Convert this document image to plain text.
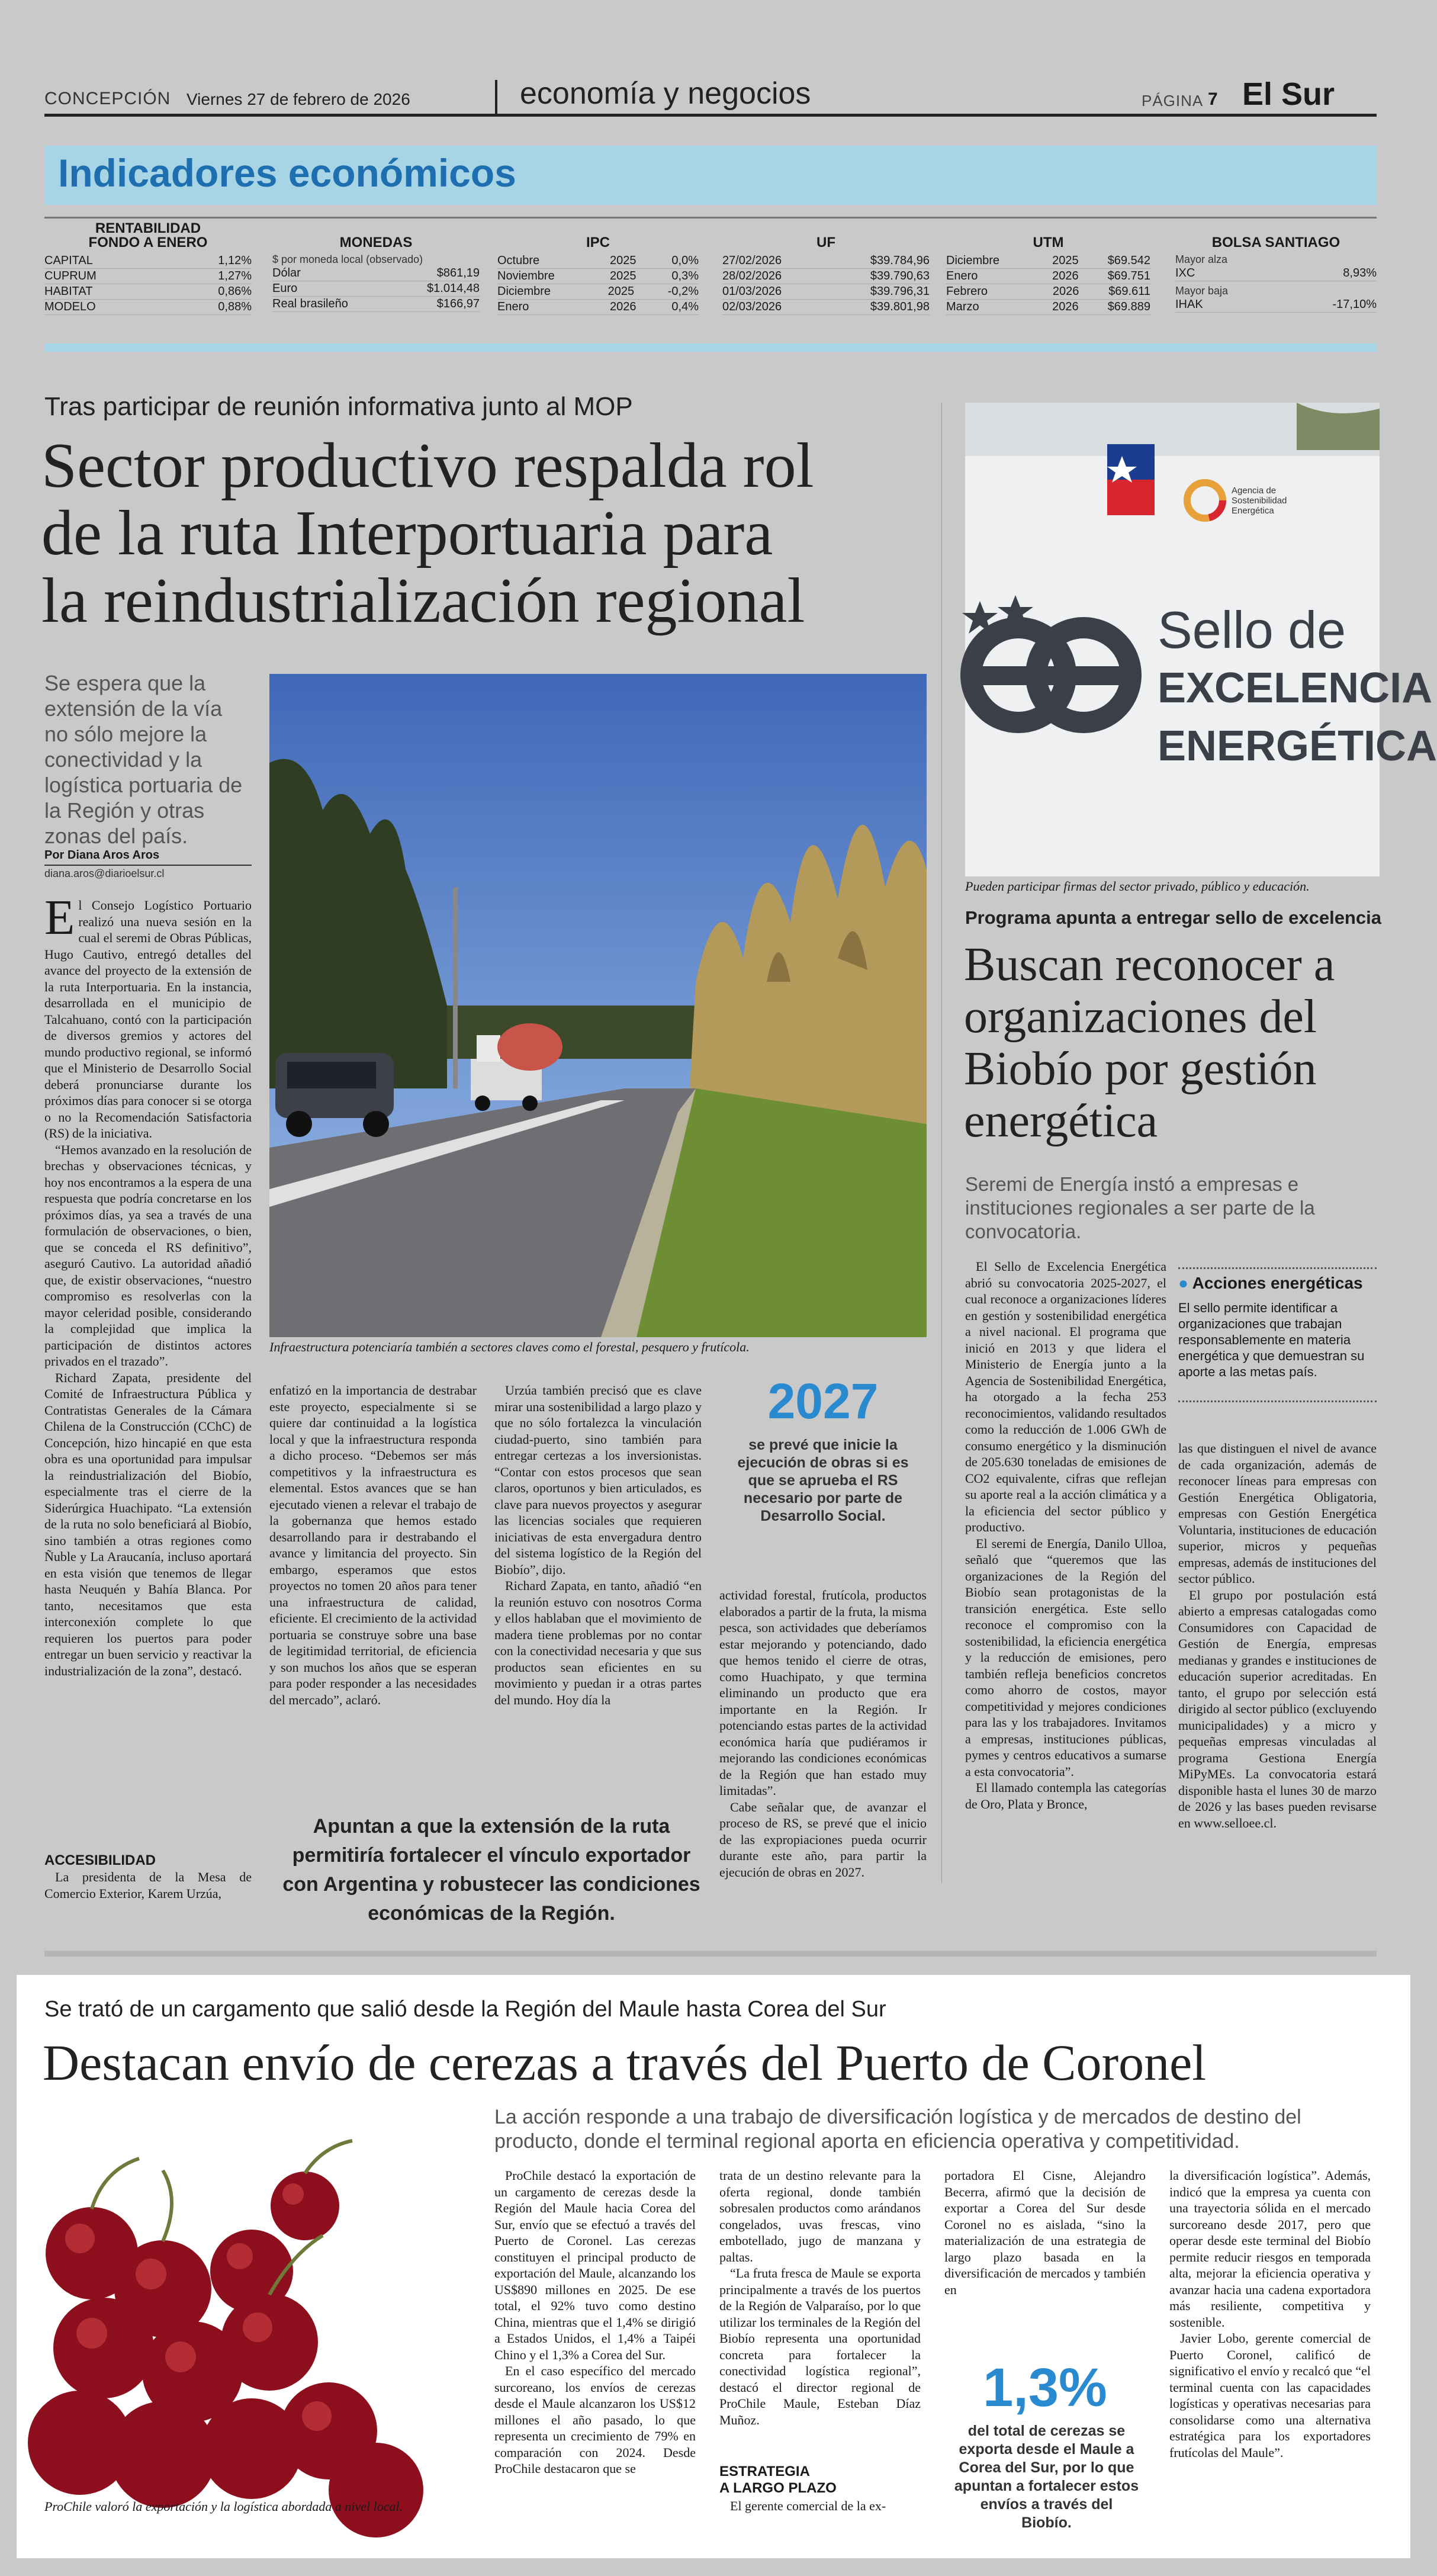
CONCEPCIÓN Viernes 27 de febrero de 2026	economía y negocios	PÁGINA 7 El Sur
Indicadores económicos
RENTABILIDAD FONDO A ENERO
CAPITAL	1,12%
CUPRUM	1,27%
HABITAT	0,86%
MODELO	0,88%
MONEDAS
$ por moneda local (observado)
Dólar	$861,19
Euro	$1.014,48
Real brasileño	$166,97
IPC
Octubre	2025	0,0%
Noviembre	2025	0,3%
Diciembre	2025	-0,2%
Enero	2026	0,4%
UF
27/02/2026	$39.784,96
28/02/2026	$39.790,63
01/03/2026	$39.796,31
02/03/2026	$39.801,98
UTM
Diciembre	2025 $69.542
Enero	2026 $69.751
Febrero	2026 $69.611
Marzo	2026 $69.889
BOLSA SANTIAGO
Mayor alza
IXC	8,93%
Mayor baja
IHAK	-17,10%
Tras participar de reunión informativa junto al MOP
Sector productivo respalda rol
de la ruta Interportuaria para
la reindustrialización regional
Se espera que la extensión de la vía no sólo mejore la conectividad y la logística portuaria de la Región y otras zonas del país.
Por Diana Aros Aros
diana.aros@diarioelsur.cl
Infraestructura potenciaría también a sectores claves como el forestal, pesquero y frutícola.

El Consejo Logístico Portuario realizó una nueva sesión en la cual el seremi de Obras Públicas, Hugo Cautivo, entregó detalles del avance del proyecto de la extensión de la ruta Interportuaria. En la instancia, desarrollada en el municipio de Talcahuano, contó con la participación de diversos gremios y actores del mundo productivo regional, se informó que el Ministerio de Desarrollo Social deberá pronunciarse durante los próximos días para conocer si se otorga o no la Recomendación Satisfactoria (RS) de la iniciativa.

“Hemos avanzado en la resolución de brechas y observaciones técnicas, y hoy nos encontramos a la espera de una respuesta que podría concretarse en los próximos días, ya sea a través de una formulación de observaciones, o bien, que se conceda el RS definitivo”, aseguró Cautivo. La autoridad añadió que, de existir observaciones, “nuestro compromiso es resolverlas con la mayor celeridad posible, considerando la complejidad que implica la participación de distintos actores privados en el trazado”.

Richard Zapata, presidente del Comité de Infraestructura Pública y Contratistas Generales de la Cámara Chilena de la Construcción (CChC) de Concepción, hizo hincapié en que esta obra es una oportunidad para impulsar la reindustrialización del Biobío, especialmente tras el cierre de la Siderúrgica Huachipato. “La extensión de la ruta no solo beneficiará al Biobío, sino también a otras regiones como Ñuble y La Araucanía, incluso aportará en esta visión que tenemos de llegar hasta Neuquén y Bahía Blanca. Por tanto, necesitamos que esta interconexión complete lo que requieren los puertos para poder entregar un buen servicio y reactivar la industrialización de la zona”, destacó.

ACCESIBILIDAD

La presidenta de la Mesa de Comercio Exterior, Karem Urzúa,

enfatizó en la importancia de destrabar este proyecto, especialmente si se quiere dar continuidad a la logística local y que la infraestructura responda a dicho proceso. “Debemos ser más competitivos y la infraestructura es elemental. Estos avances que se han ejecutado vienen a relevar el trabajo de la gobernanza que hemos estado desarrollando para ir destrabando el avance y limitancia del proyecto. Sin embargo, esperamos que estos proyectos no tomen 20 años para tener una infraestructura de calidad, eficiente. El crecimiento de la actividad portuaria se construye sobre una base de legitimidad territorial, de eficiencia y son muchos los años que se esperan para poder responder a las necesidades del mercado”, aclaró.

Urzúa también precisó que es clave mirar una sostenibilidad a largo plazo y que no sólo fortalezca la vinculación ciudad-puerto, sino también para entregar certezas a los inversionistas. “Contar con estos procesos que sean claros, oportunos y bien articulados, es clave para nuevos proyectos y asegurar las licencias sociales que requieren iniciativas de esta envergadura dentro del sistema logístico de la Región del Biobío”, dijo.

Richard Zapata, en tanto, añadió “en la reunión estuvo con nosotros Corma y ellos hablaban que el movimiento de madera tiene problemas por no contar con la conectividad necesaria y que sus productos sean eficientes en su movimiento y puedan ir a otras partes del mundo. Hoy día la

2027
se prevé que inicie la ejecución de obras si es que se aprueba el RS necesario por parte de Desarrollo Social.

actividad forestal, frutícola, productos elaborados a partir de la fruta, la misma pesca, son actividades que deberíamos estar mejorando y potenciando, dado que hemos tenido el cierre de otras, como Huachipato, y que termina eliminando un producto que era importante en la Región. Ir potenciando estas partes de la actividad económica haría que pudiéramos ir mejorando las condiciones económicas de la Región que han estado muy limitadas”.

Cabe señalar que, de avanzar el proceso de RS, se prevé que el inicio de las expropiaciones pueda ocurrir durante este año, para partir la ejecución de obras en 2027.

Apuntan a que la extensión de la ruta permitiría fortalecer el vínculo exportador con Argentina y robustecer las condiciones económicas de la Región.
Sello de
EXCELENCIA
ENERGÉTICA
Agencia de
Sostenibilidad
Energética
Pueden participar firmas del sector privado, público y educación.
Programa apunta a entregar sello de excelencia
Buscan reconocer a
organizaciones del
Biobío por gestión
energética
Seremi de Energía instó a empresas e instituciones regionales a ser parte de la convocatoria.

El Sello de Excelencia Energética abrió su convocatoria 2025-2027, el cual reconoce a organizaciones líderes en gestión y sostenibilidad energética a nivel nacional. El programa que inició en 2013 y que lidera el Ministerio de Energía junto a la Agencia de Sostenibilidad Energética, ha otorgado a la fecha 253 reconocimientos, validando resultados como la reducción de 1.006 GWh de consumo energético y la disminución de 205.630 toneladas de emisiones de CO2 equivalente, cifras que reflejan su aporte real a la acción climática y a la eficiencia del sector público y productivo.

El seremi de Energía, Danilo Ulloa, señaló que “queremos que las organizaciones de la Región del Biobío sean protagonistas de la transición energética. Este sello reconoce el compromiso con la sostenibilidad, la eficiencia energética y la reducción de emisiones, pero también refleja beneficios concretos como ahorro de costos, mayor competitividad y mejores condiciones para las y los trabajadores. Invitamos a empresas, instituciones públicas, pymes y centros educativos a sumarse a esta convocatoria”.

El llamado contempla las categorías de Oro, Plata y Bronce,

● Acciones energéticas
El sello permite identificar a organizaciones que trabajan responsablemente en materia energética y que demuestran su aporte a las metas país.

las que distinguen el nivel de avance de cada organización, además de reconocer líneas para empresas con Gestión Energética Obligatoria, empresas con Gestión Energética Voluntaria, instituciones de educación superior, micros y pequeñas empresas, además de instituciones del sector público.

El grupo por postulación está abierto a empresas catalogadas como Consumidores con Capacidad de Gestión de Energía, empresas medianas y grandes e instituciones de educación superior acreditadas. En tanto, el grupo por selección está dirigido al sector público (excluyendo municipalidades) y a micro y pequeñas empresas vinculadas al programa Gestiona Energía MiPyMEs. La convocatoria estará disponible hasta el lunes 30 de marzo de 2026 y las bases pueden revisarse en www.selloee.cl.

Se trató de un cargamento que salió desde la Región del Maule hasta Corea del Sur
Destacan envío de cerezas a través del Puerto de Coronel
La acción responde a una trabajo de diversificación logística y de mercados de destino del producto, donde el terminal regional aporta en eficiencia operativa y competitividad.
ProChile valoró la exportación y la logística abordada a nivel local.

ProChile destacó la exportación de un cargamento de cerezas desde la Región del Maule hacia Corea del Sur, envío que se efectuó a través del Puerto de Coronel. Las cerezas constituyen el principal producto de exportación del Maule, alcanzando los US$890 millones en 2025. De ese total, el 92% tuvo como destino China, mientras que el 1,4% se dirigió a Estados Unidos, el 1,4% a Taipéi Chino y el 1,3% a Corea del Sur.

En el caso específico del mercado surcoreano, los envíos de cerezas desde el Maule alcanzaron los US$12 millones el año pasado, lo que representa un crecimiento de 79% en comparación con 2024. Desde ProChile destacaron que se

trata de un destino relevante para la oferta regional, donde también sobresalen productos como arándanos congelados, uvas frescas, vino embotellado, jugo de manzana y paltas.

“La fruta fresca de Maule se exporta principalmente a través de los puertos de la Región de Valparaíso, por lo que utilizar los terminales de la Región del Biobío representa una oportunidad concreta para fortalecer la conectividad logística regional”, destacó el director regional de ProChile Maule, Esteban Díaz Muñoz.

ESTRATEGIA
A LARGO PLAZO

El gerente comercial de la ex-

portadora El Cisne, Alejandro Becerra, afirmó que la decisión de exportar a Corea del Sur desde Coronel no es aislada, “sino la materialización de una estrategia de largo plazo basada en la diversificación de mercados y también en

1,3%
del total de cerezas se exporta desde el Maule a Corea del Sur, por lo que apuntan a fortalecer estos envíos a través del Biobío.

la diversificación logística”. Además, indicó que la empresa ya cuenta con una trayectoria sólida en el mercado surcoreano desde 2017, pero que operar desde este terminal del Biobío permite reducir riesgos en temporada alta, mejorar la eficiencia operativa y avanzar hacia una cadena exportadora más resiliente, competitiva y sostenible.

Javier Lobo, gerente comercial de Puerto Coronel, calificó de significativo el envío y recalcó que “el terminal cuenta con las capacidades logísticas y operativas necesarias para consolidarse como una alternativa estratégica para los exportadores frutícolas del Maule”.
